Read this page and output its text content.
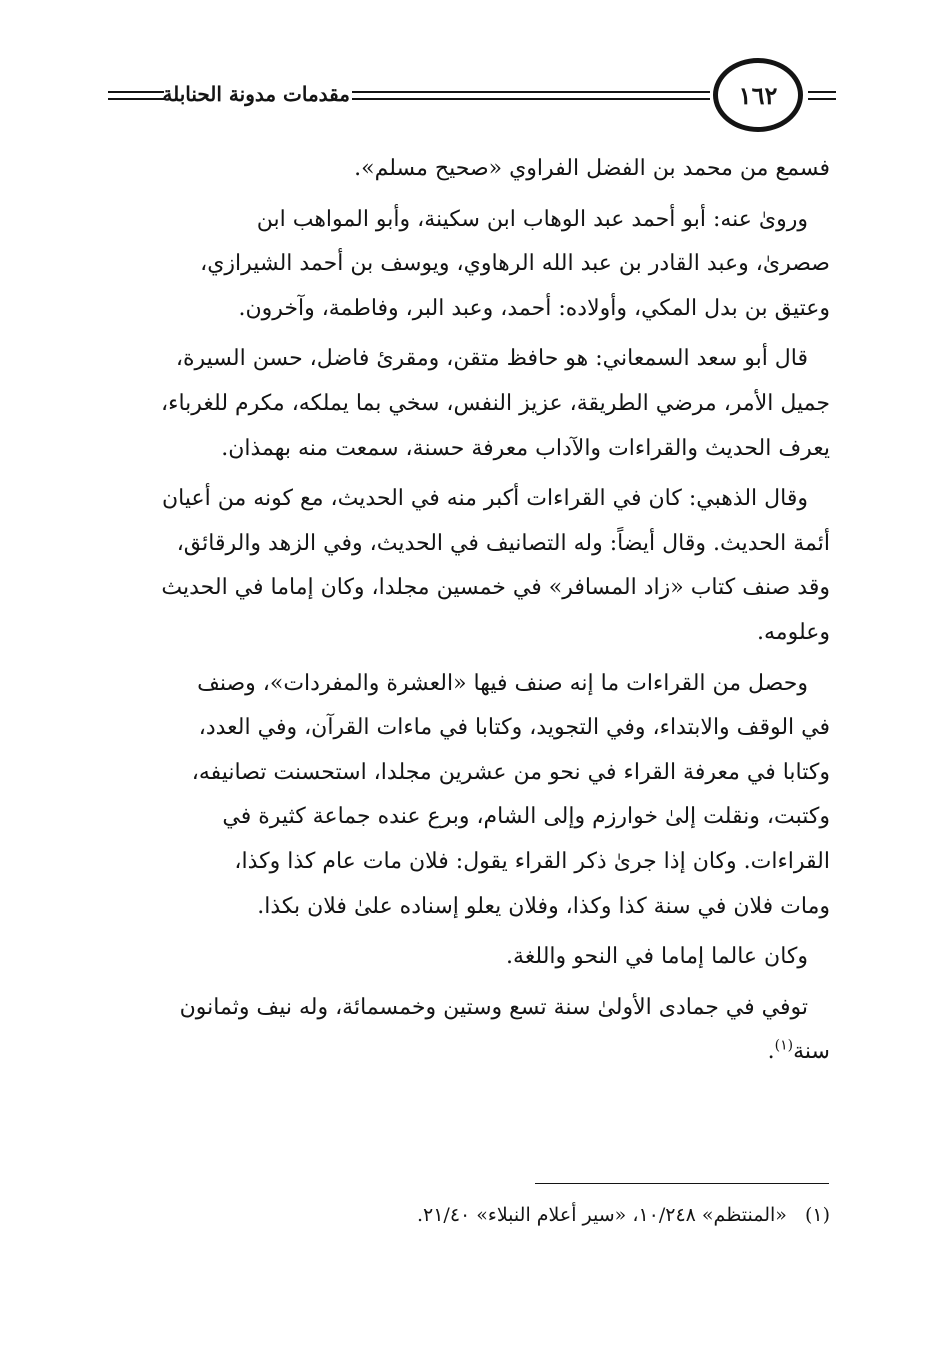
مقدمات مدونة الحنابلة	١٦٢

فسمع من محمد بن الفضل الفراوي «صحيح مسلم».

وروىٰ عنه: أبو أحمد عبد الوهاب ابن سكينة، وأبو المواهب ابن
صصرىٰ، وعبد القادر بن عبد الله الرهاوي، ويوسف بن أحمد الشيرازي،
وعتيق بن بدل المكي، وأولاده: أحمد، وعبد البر، وفاطمة، وآخرون.

قال أبو سعد السمعاني: هو حافظ متقن، ومقرئ فاضل، حسن السيرة،
جميل الأمر، مرضي الطريقة، عزيز النفس، سخي بما يملكه، مكرم للغرباء،
يعرف الحديث والقراءات والآداب معرفة حسنة، سمعت منه بهمذان.

وقال الذهبي: كان في القراءات أكبر منه في الحديث، مع كونه من أعيان
أئمة الحديث. وقال أيضاً: وله التصانيف في الحديث، وفي الزهد والرقائق،
وقد صنف كتاب «زاد المسافر» في خمسين مجلدا، وكان إماما في الحديث
وعلومه.

وحصل من القراءات ما إنه صنف فيها «العشرة والمفردات»، وصنف
في الوقف والابتداء، وفي التجويد، وكتابا في ماءات القرآن، وفي العدد،
وكتابا في معرفة القراء في نحو من عشرين مجلدا، استحسنت تصانيفه،
وكتبت، ونقلت إلىٰ خوارزم وإلى الشام، وبرع عنده جماعة كثيرة في
القراءات. وكان إذا جرىٰ ذكر القراء يقول: فلان مات عام كذا وكذا،
ومات فلان في سنة كذا وكذا، وفلان يعلو إسناده علىٰ فلان بكذا.

وكان عالما إماما في النحو واللغة.

توفي في جمادى الأولىٰ سنة تسع وستين وخمسمائة، وله نيف وثمانون
سنة$^{(١)}$.

(١)«المنتظم» ١٠/٢٤٨، «سير أعلام النبلاء» ٢١/٤٠.
